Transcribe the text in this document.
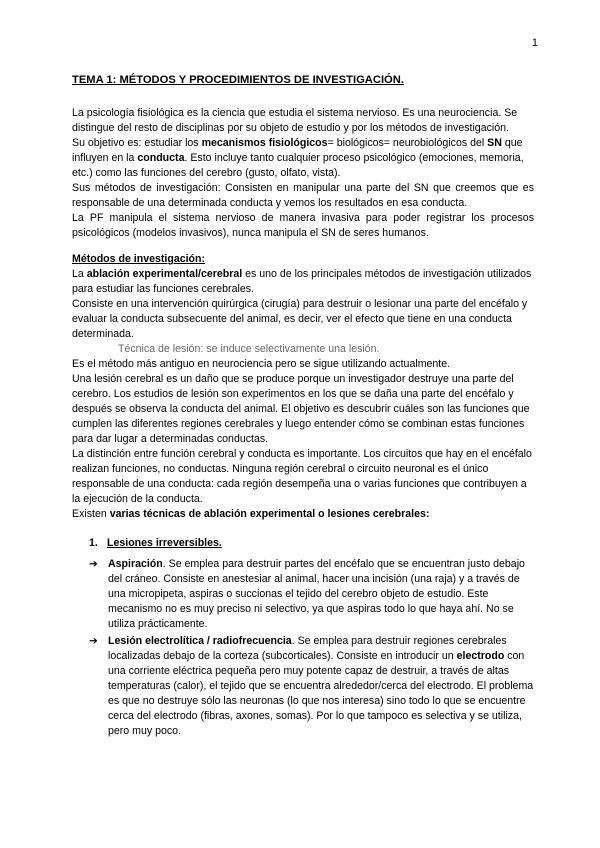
1

TEMA 1: MÉTODOS Y PROCEDIMIENTOS DE INVESTIGACIÓN.

La psicología fisiológica es la ciencia que estudia el sistema nervioso. Es una neurociencia. Se distingue del resto de disciplinas por su objeto de estudio y por los métodos de investigación.

Su objetivo es: estudiar los mecanismos fisiológicos= biológicos= neurobiológicos del SN que influyen en la conducta. Esto incluye tanto cualquier proceso psicológico (emociones, memoria, etc.) como las funciones del cerebro (gusto, olfato, vista).

Sus métodos de investigación: Consisten en manipular una parte del SN que creemos que es responsable de una determinada conducta y vemos los resultados en esa conducta.

La PF manipula el sistema nervioso de manera invasiva para poder registrar los procesos psicológicos (modelos invasivos), nunca manipula el SN de seres humanos.

Métodos de investigación:

La ablación experimental/cerebral es uno de los principales métodos de investigación utilizados para estudiar las funciones cerebrales.

Consiste en una intervención quirúrgica (cirugía) para destruir o lesionar una parte del encéfalo y evaluar la conducta subsecuente del animal, es decir, ver el efecto que tiene en una conducta determinada.

Técnica de lesión: se induce selectivamente una lesión.

Es el método más antiguo en neurociencia pero se sigue utilizando actualmente.

Una lesión cerebral es un daño que se produce porque un investigador destruye una parte del cerebro. Los estudios de lesión son experimentos en los que se daña una parte del encéfalo y después se observa la conducta del animal. El objetivo es descubrir cuáles son las funciones que cumplen las diferentes regiones cerebrales y luego entender cómo se combinan estas funciones para dar lugar a determinadas conductas.

La distinción entre función cerebral y conducta es importante. Los circuitos que hay en el encéfalo realizan funciones, no conductas. Ninguna región cerebral o circuito neuronal es el único responsable de una conducta: cada región desempeña una o varias funciones que contribuyen a la ejecución de la conducta.

Existen varias técnicas de ablación experimental o lesiones cerebrales:

1. Lesiones irreversibles.
➔ Aspiración. Se emplea para destruir partes del encéfalo que se encuentran justo debajo del cráneo. Consiste en anestesiar al animal, hacer una incisión (una raja) y a través de una micropipeta, aspiras o succionas el tejido del cerebro objeto de estudio. Este mecanismo no es muy preciso ni selectivo, ya que aspiras todo lo que haya ahí. No se utiliza prácticamente.
➔ Lesión electrolítica / radiofrecuencia. Se emplea para destruir regiones cerebrales localizadas debajo de la corteza (subcorticales). Consiste en introducir un electrodo con una corriente eléctrica pequeña pero muy potente capaz de destruir, a través de altas temperaturas (calor), el tejido que se encuentra alrededor/cerca del electrodo. El problema es que no destruye sólo las neuronas (lo que nos interesa) sino todo lo que se encuentre cerca del electrodo (fibras, axones, somas). Por lo que tampoco es selectiva y se utiliza, pero muy poco.
